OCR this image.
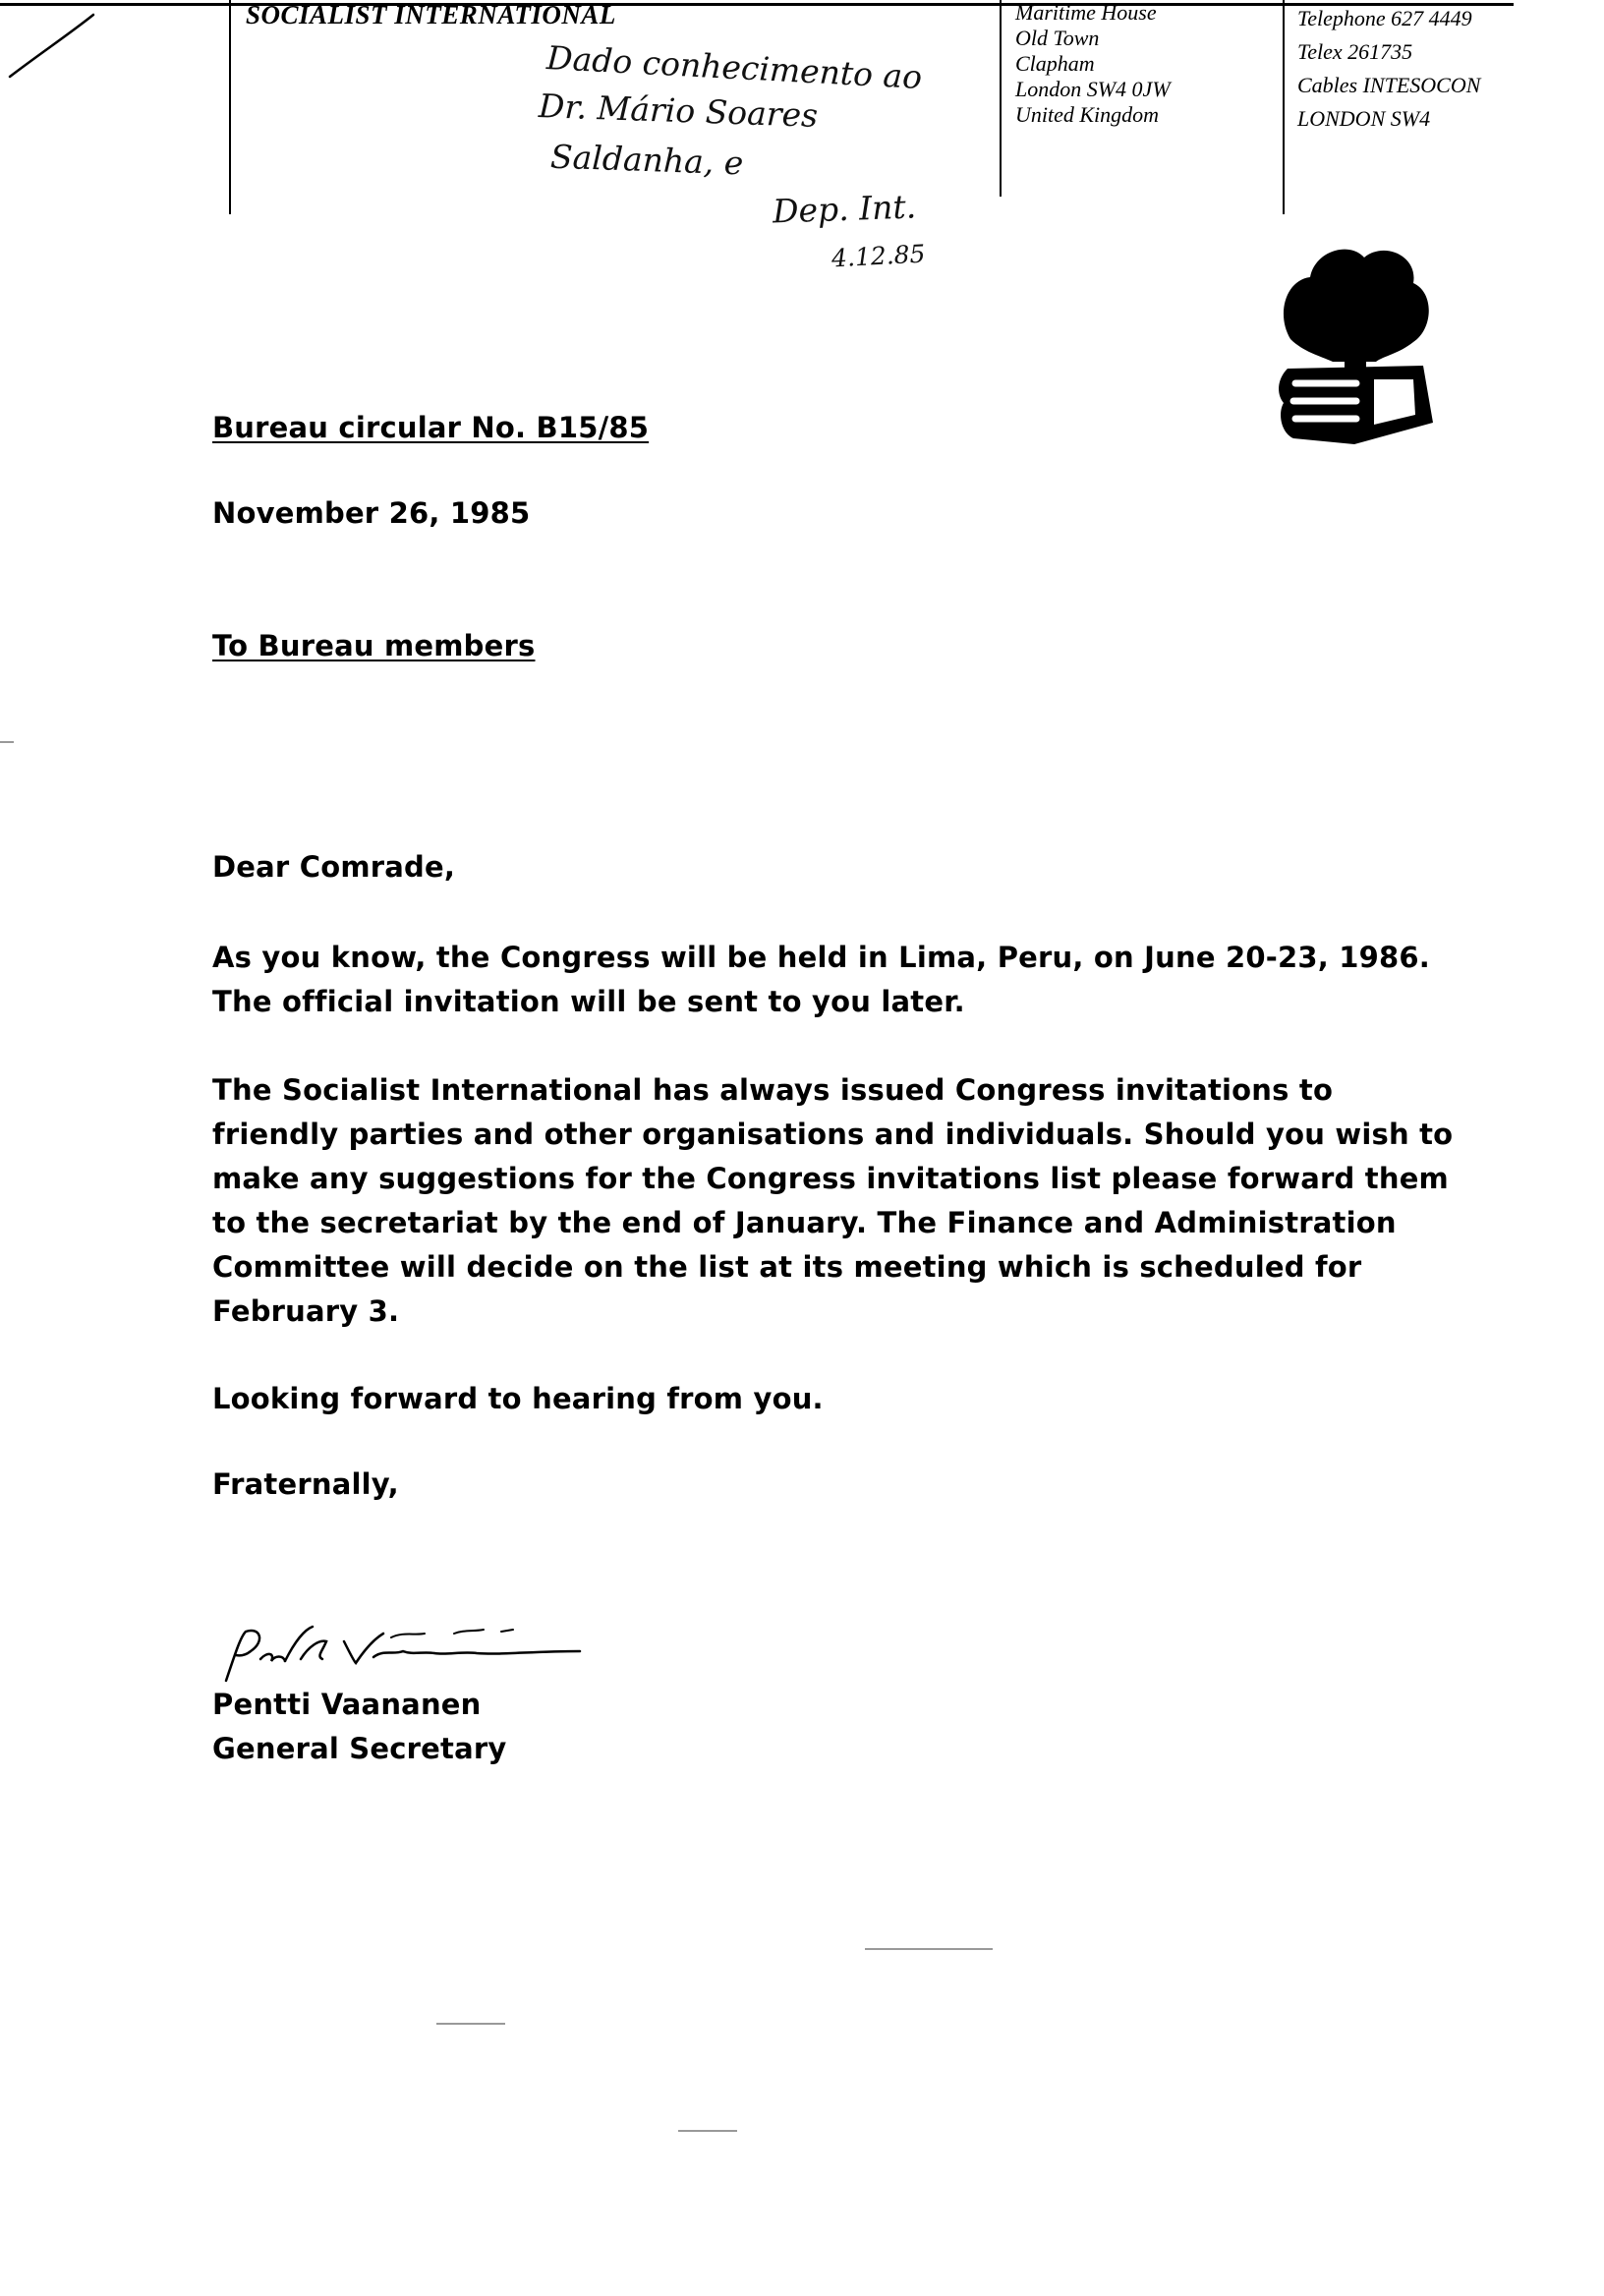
SOCIALIST INTERNATIONAL	Maritime House
Old Town
Clapham
London SW4 0JW
United Kingdom
Telephone 627 4449
Telex 261735
Cables INTESOCON
LONDON SW4
Dado conhecimento ao
Dr. Mário Soares
Saldanha, e
Dep. Int.
4.12.85
Bureau circular No. B15/85
November 26, 1985
To Bureau members
Dear Comrade,
As you know, the Congress will be held in Lima, Peru, on June 20-23, 1986.
The official invitation will be sent to you later.
The Socialist International has always issued Congress invitations to
friendly parties and other organisations and individuals. Should you wish to
make any suggestions for the Congress invitations list please forward them
to the secretariat by the end of January. The Finance and Administration
Committee will decide on the list at its meeting which is scheduled for
February 3.
Looking forward to hearing from you.
Fraternally,
Pentti Vaananen
General Secretary
